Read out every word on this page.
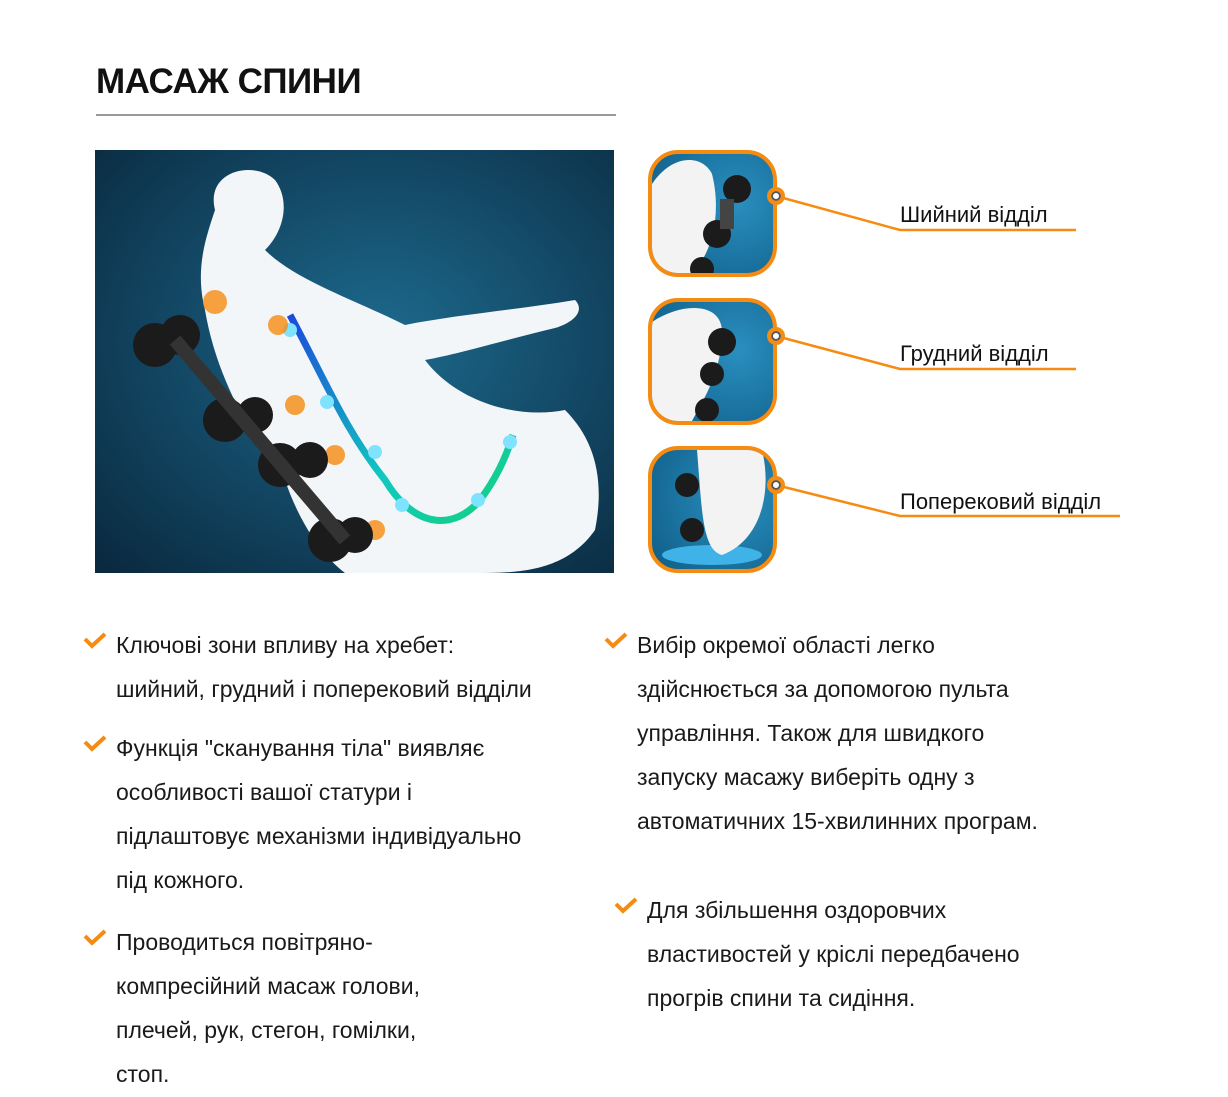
МАСАЖ СПИНИ
Шийний відділ
Грудний відділ
Поперековий відділ
Ключові зони впливу на хребет:
шийний, грудний і поперековий відділи
Функція "сканування тіла" виявляє
особливості вашої статури і
підлаштовує механізми індивідуально
під кожного.
Проводиться повітряно-
компресійний масаж голови,
плечей, рук, стегон, гомілки,
стоп.
Вибір окремої області легко
здійснюється за допомогою пульта
управління. Також для швидкого
запуску масажу виберіть одну з
автоматичних 15-хвилинних програм.
Для збільшення оздоровчих
властивостей у кріслі передбачено
прогрів спини та сидіння.
